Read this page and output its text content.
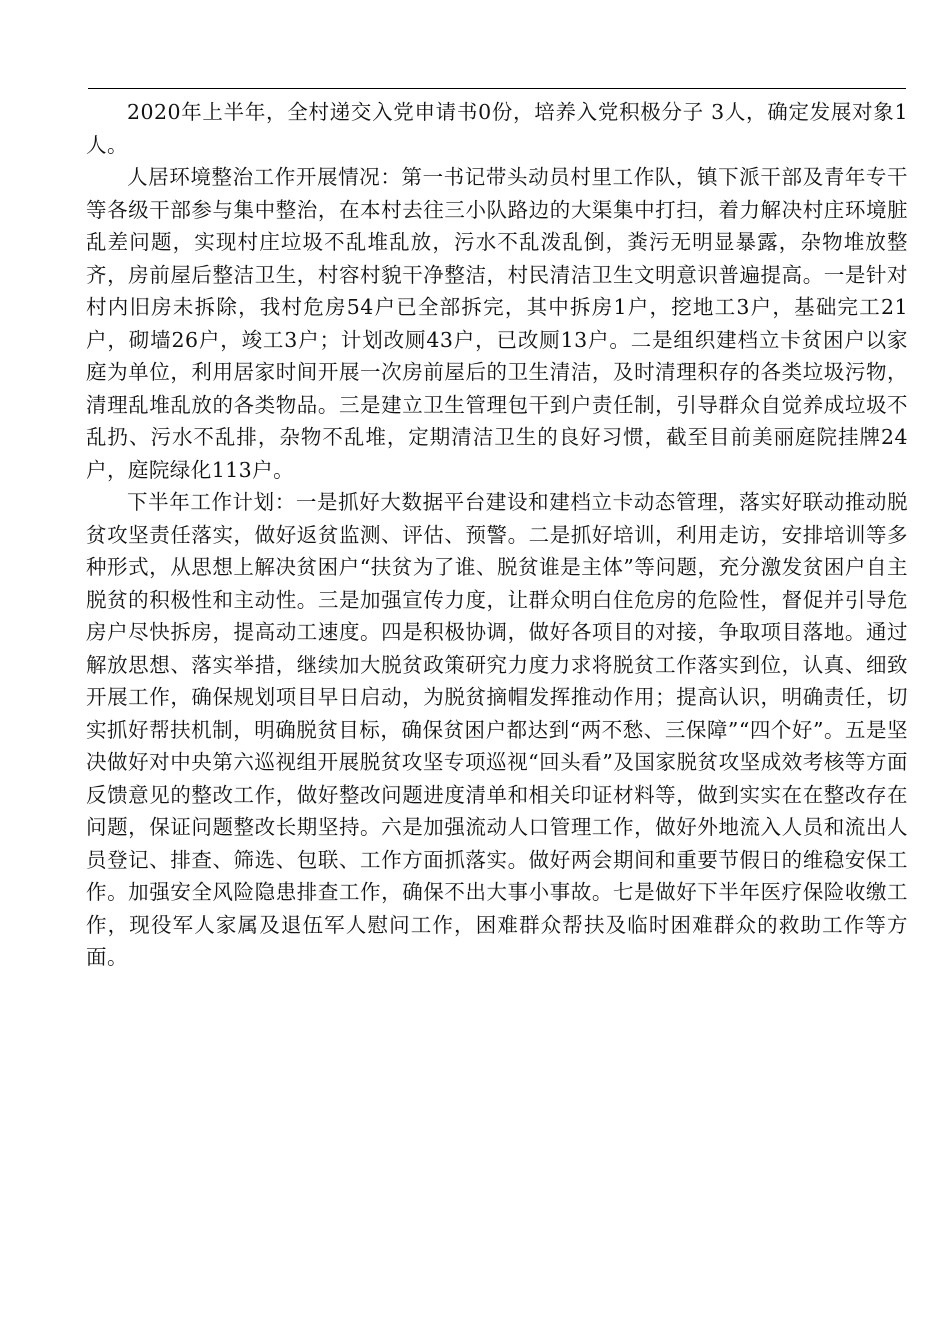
2020年上半年，全村递交入党申请书0份，培养入党积极分子 3人，确定发展对象1人。

人居环境整治工作开展情况：第一书记带头动员村里工作队，镇下派干部及青年专干等各级干部参与集中整治，在本村去往三小队路边的大渠集中打扫，着力解决村庄环境脏乱差问题，实现村庄垃圾不乱堆乱放，污水不乱泼乱倒，粪污无明显暴露，杂物堆放整齐，房前屋后整洁卫生，村容村貌干净整洁，村民清洁卫生文明意识普遍提高。一是针对村内旧房未拆除，我村危房54户已全部拆完，其中拆房1户，挖地工3户，基础完工21户，砌墙26户，竣工3户；计划改厕43户，已改厕13户。二是组织建档立卡贫困户以家庭为单位，利用居家时间开展一次房前屋后的卫生清洁，及时清理积存的各类垃圾污物，清理乱堆乱放的各类物品。三是建立卫生管理包干到户责任制，引导群众自觉养成垃圾不乱扔、污水不乱排，杂物不乱堆，定期清洁卫生的良好习惯，截至目前美丽庭院挂牌24户，庭院绿化113户。

下半年工作计划：一是抓好大数据平台建设和建档立卡动态管理，落实好联动推动脱贫攻坚责任落实，做好返贫监测、评估、预警。二是抓好培训，利用走访，安排培训等多种形式，从思想上解决贫困户“扶贫为了谁、脱贫谁是主体”等问题，充分激发贫困户自主脱贫的积极性和主动性。三是加强宣传力度，让群众明白住危房的危险性，督促并引导危房户尽快拆房，提高动工速度。四是积极协调，做好各项目的对接，争取项目落地。通过解放思想、落实举措，继续加大脱贫政策研究力度力求将脱贫工作落实到位，认真、细致开展工作，确保规划项目早日启动，为脱贫摘帽发挥推动作用；提高认识，明确责任，切实抓好帮扶机制，明确脱贫目标，确保贫困户都达到“两不愁、三保障”“四个好”。五是坚决做好对中央第六巡视组开展脱贫攻坚专项巡视“回头看”及国家脱贫攻坚成效考核等方面反馈意见的整改工作，做好整改问题进度清单和相关印证材料等，做到实实在在整改存在问题，保证问题整改长期坚持。六是加强流动人口管理工作，做好外地流入人员和流出人员登记、排查、筛选、包联、工作方面抓落实。做好两会期间和重要节假日的维稳安保工作。加强安全风险隐患排查工作，确保不出大事小事故。七是做好下半年医疗保险收缴工作，现役军人家属及退伍军人慰问工作，困难群众帮扶及临时困难群众的救助工作等方面。
